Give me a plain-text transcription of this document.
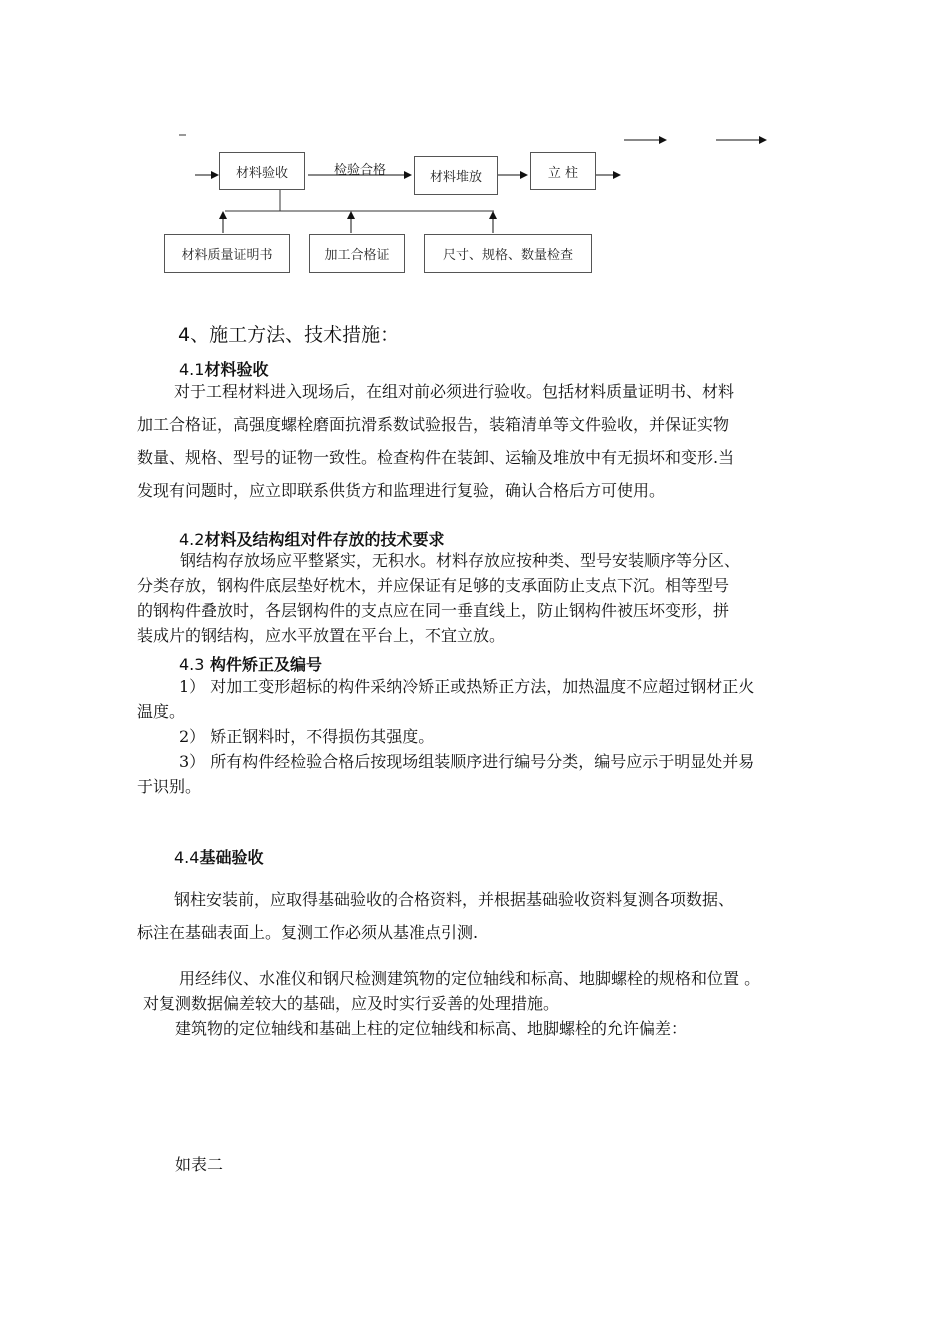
材料验收	检验合格	材料堆放	立 柱
材料质量证明书	加工合格证	尺寸、规格、数量检查
4、施工方法、技术措施：
4.1材料验收
对于工程材料进入现场后，在组对前必须进行验收。包括材料质量证明书、材料
加工合格证，高强度螺栓磨面抗滑系数试验报告，装箱清单等文件验收，并保证实物
数量、规格、型号的证物一致性。检查构件在装卸、运输及堆放中有无损坏和变形.当
发现有问题时，应立即联系供货方和监理进行复验，确认合格后方可使用。
4.2材料及结构组对件存放的技术要求
钢结构存放场应平整紧实，无积水。材料存放应按种类、型号安装顺序等分区、
分类存放，钢构件底层垫好枕木，并应保证有足够的支承面防止支点下沉。相等型号
的钢构件叠放时，各层钢构件的支点应在同一垂直线上，防止钢构件被压坏变形，拼
装成片的钢结构，应水平放置在平台上，不宜立放。
4.3 构件矫正及编号
1） 对加工变形超标的构件采纳冷矫正或热矫正方法，加热温度不应超过钢材正火
温度。
2） 矫正钢料时，不得损伤其强度。
3） 所有构件经检验合格后按现场组装顺序进行编号分类，编号应示于明显处并易
于识别。
4.4基础验收
钢柱安装前，应取得基础验收的合格资料，并根据基础验收资料复测各项数据、
标注在基础表面上。复测工作必须从基准点引测.
用经纬仪、水准仪和钢尺检测建筑物的定位轴线和标高、地脚螺栓的规格和位置 。
对复测数据偏差较大的基础，应及时实行妥善的处理措施。
建筑物的定位轴线和基础上柱的定位轴线和标高、地脚螺栓的允许偏差：
如表二
